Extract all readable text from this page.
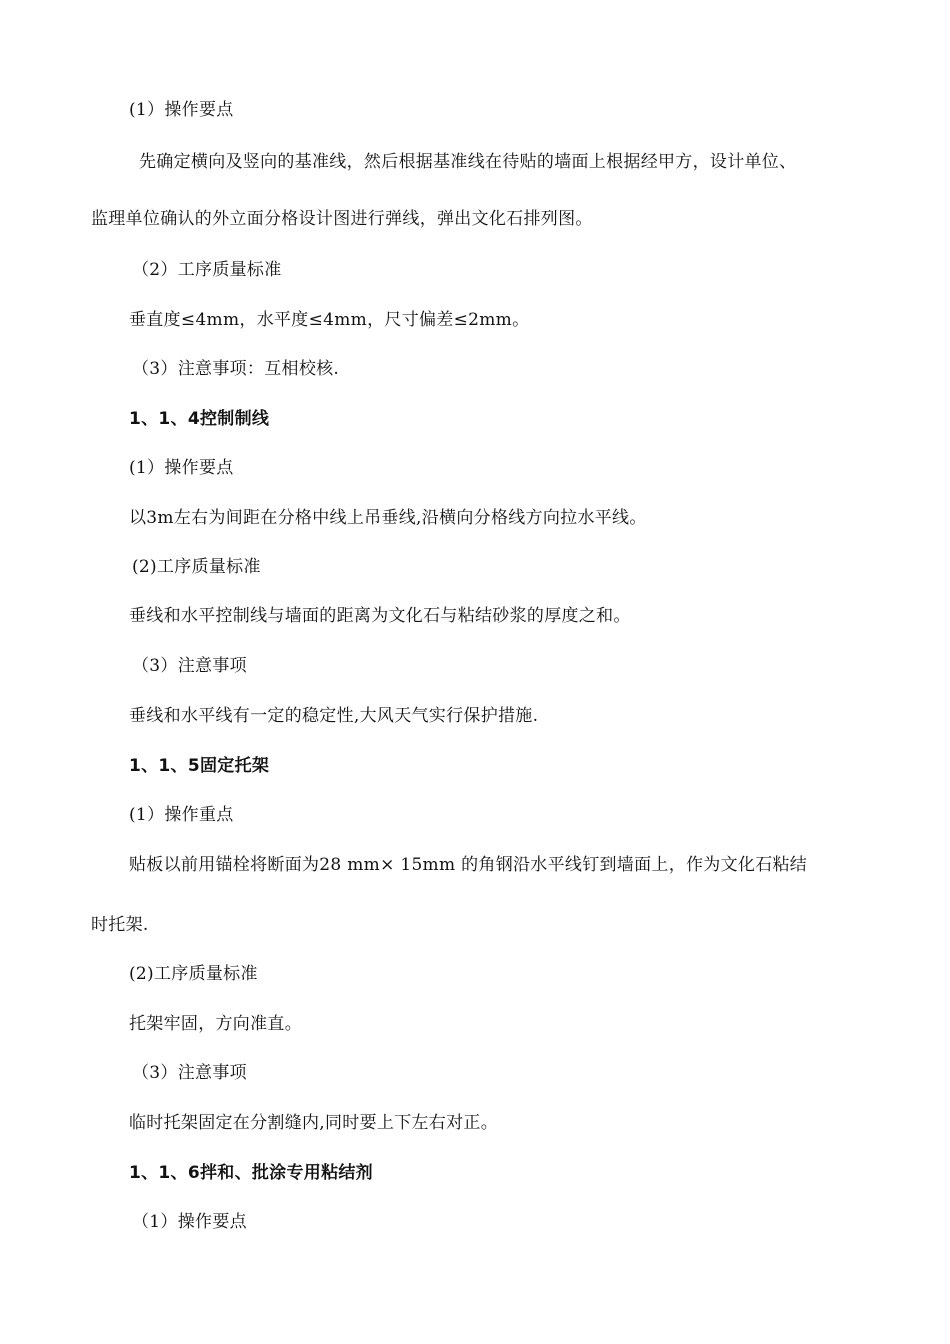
(1）操作要点
先确定横向及竖向的基准线，然后根据基准线在待贴的墙面上根据经甲方，设计单位、
监理单位确认的外立面分格设计图进行弹线，弹出文化石排列图。
（2）工序质量标准
垂直度≤4mm，水平度≤4mm，尺寸偏差≤2mm。
（3）注意事项：互相校核.
1、1、4控制制线
(1）操作要点
以3m左右为间距在分格中线上吊垂线,沿横向分格线方向拉水平线。
(2)工序质量标准
垂线和水平控制线与墙面的距离为文化石与粘结砂浆的厚度之和。
（3）注意事项
垂线和水平线有一定的稳定性,大风天气实行保护措施.
1、1、5固定托架
(1）操作重点
贴板以前用锚栓将断面为28 mm× 15mm 的角钢沿水平线钉到墙面上，作为文化石粘结
时托架.
(2)工序质量标准
托架牢固，方向准直。
（3）注意事项
临时托架固定在分割缝内,同时要上下左右对正。
1、1、6拌和、批涂专用粘结剂
（1）操作要点
